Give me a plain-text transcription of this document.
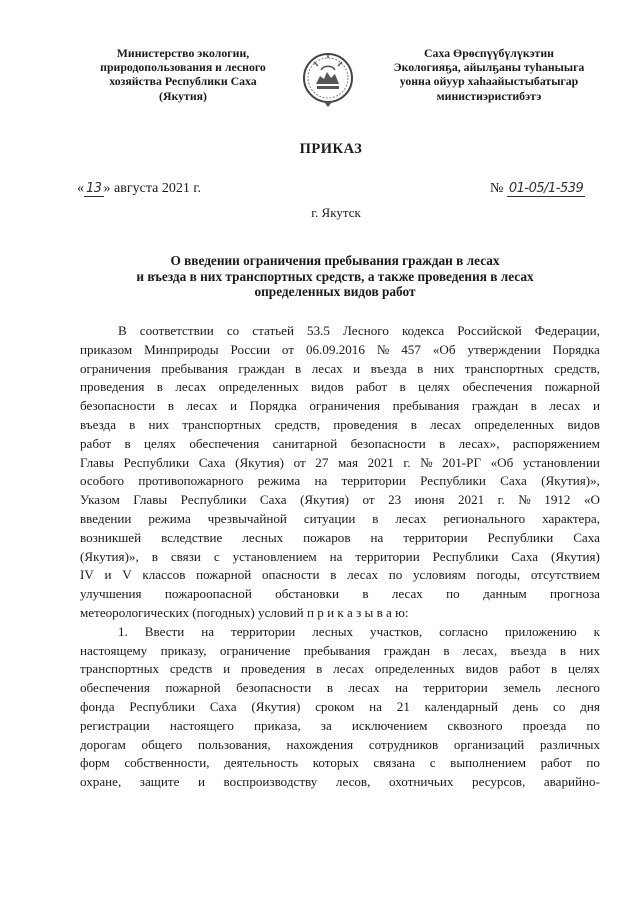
Министерство экологии,
природопользования и лесного
хозяйства Республики Саха
(Якутия)
Саха Өрөспүүбүлүкэтин
Экологияҕа, айылҕаны туһаныыга
уонна ойуур хаһаайыстыбатыгар
министиэристибэтэ
ПРИКАЗ
« 13 » августа 2021 г.	№ 01-05/1-539
г. Якутск
О введении ограничения пребывания граждан в лесах
и въезда в них транспортных средств, а также проведения в лесах
определенных видов работ
В соответствии со статьей 53.5 Лесного кодекса Российской Федерации,
приказом Минприроды России от 06.09.2016 № 457 «Об утверждении Порядка
ограничения пребывания граждан в лесах и въезда в них транспортных средств,
проведения в лесах определенных видов работ в целях обеспечения пожарной
безопасности в лесах и Порядка ограничения пребывания граждан в лесах и
въезда в них транспортных средств, проведения в лесах определенных видов
работ в целях обеспечения санитарной безопасности в лесах», распоряжением
Главы Республики Саха (Якутия) от 27 мая 2021 г. № 201-РГ «Об установлении
особого противопожарного режима на территории Республики Саха (Якутия)»,
Указом Главы Республики Саха (Якутия) от 23 июня 2021 г. № 1912 «О
введении режима чрезвычайной ситуации в лесах регионального характера,
возникшей вследствие лесных пожаров на территории Республики Саха
(Якутия)», в связи с установлением на территории Республики Саха (Якутия)
IV и V классов пожарной опасности в лесах по условиям погоды, отсутствием
улучшения пожароопасной обстановки в лесах по данным прогноза
метеорологических (погодных) условий п р и к а з ы в а ю:
1. Ввести на территории лесных участков, согласно приложению к
настоящему приказу, ограничение пребывания граждан в лесах, въезда в них
транспортных средств и проведения в лесах определенных видов работ в целях
обеспечения пожарной безопасности в лесах на территории земель лесного
фонда Республики Саха (Якутия) сроком на 21 календарный день со дня
регистрации настоящего приказа, за исключением сквозного проезда по
дорогам общего пользования, нахождения сотрудников организаций различных
форм собственности, деятельность которых связана с выполнением работ по
охране, защите и воспроизводству лесов, охотничьих ресурсов, аварийно-
